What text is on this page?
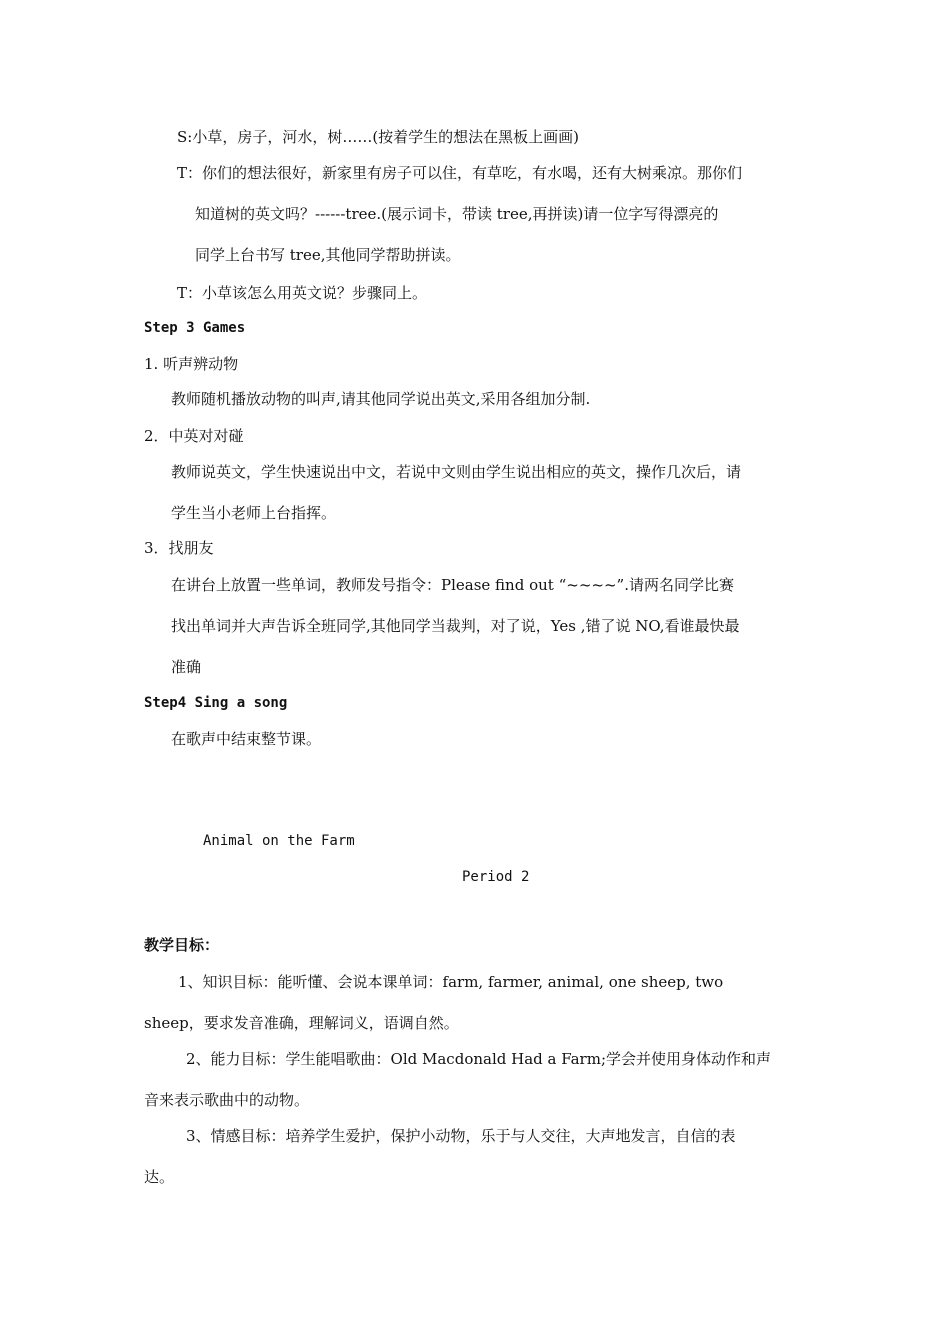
S:小草，房子，河水，树……(按着学生的想法在黑板上画画)
T：你们的想法很好，新家里有房子可以住，有草吃，有水喝，还有大树乘凉。那你们
知道树的英文吗？------tree.(展示词卡，带读 tree,再拼读)请一位字写得漂亮的
同学上台书写 tree,其他同学帮助拼读。
T：小草该怎么用英文说？步骤同上。
Step 3 Games
1. 听声辨动物
教师随机播放动物的叫声,请其他同学说出英文,采用各组加分制.
2．中英对对碰
教师说英文，学生快速说出中文，若说中文则由学生说出相应的英文，操作几次后，请
学生当小老师上台指挥。
3．找朋友
在讲台上放置一些单词，教师发号指令：Please find out “~~~~”.请两名同学比赛
找出单词并大声告诉全班同学,其他同学当裁判，对了说，Yes ,错了说 NO,看谁最快最
准确
Step4 Sing a song
在歌声中结束整节课。
Animal on the Farm
Period 2
教学目标：
1、知识目标：能听懂、会说本课单词：farm, farmer, animal, one sheep, two
sheep，要求发音准确，理解词义，语调自然。
2、能力目标：学生能唱歌曲：Old Macdonald Had a Farm;学会并使用身体动作和声
音来表示歌曲中的动物。
3、情感目标：培养学生爱护，保护小动物，乐于与人交往，大声地发言，自信的表
达。
